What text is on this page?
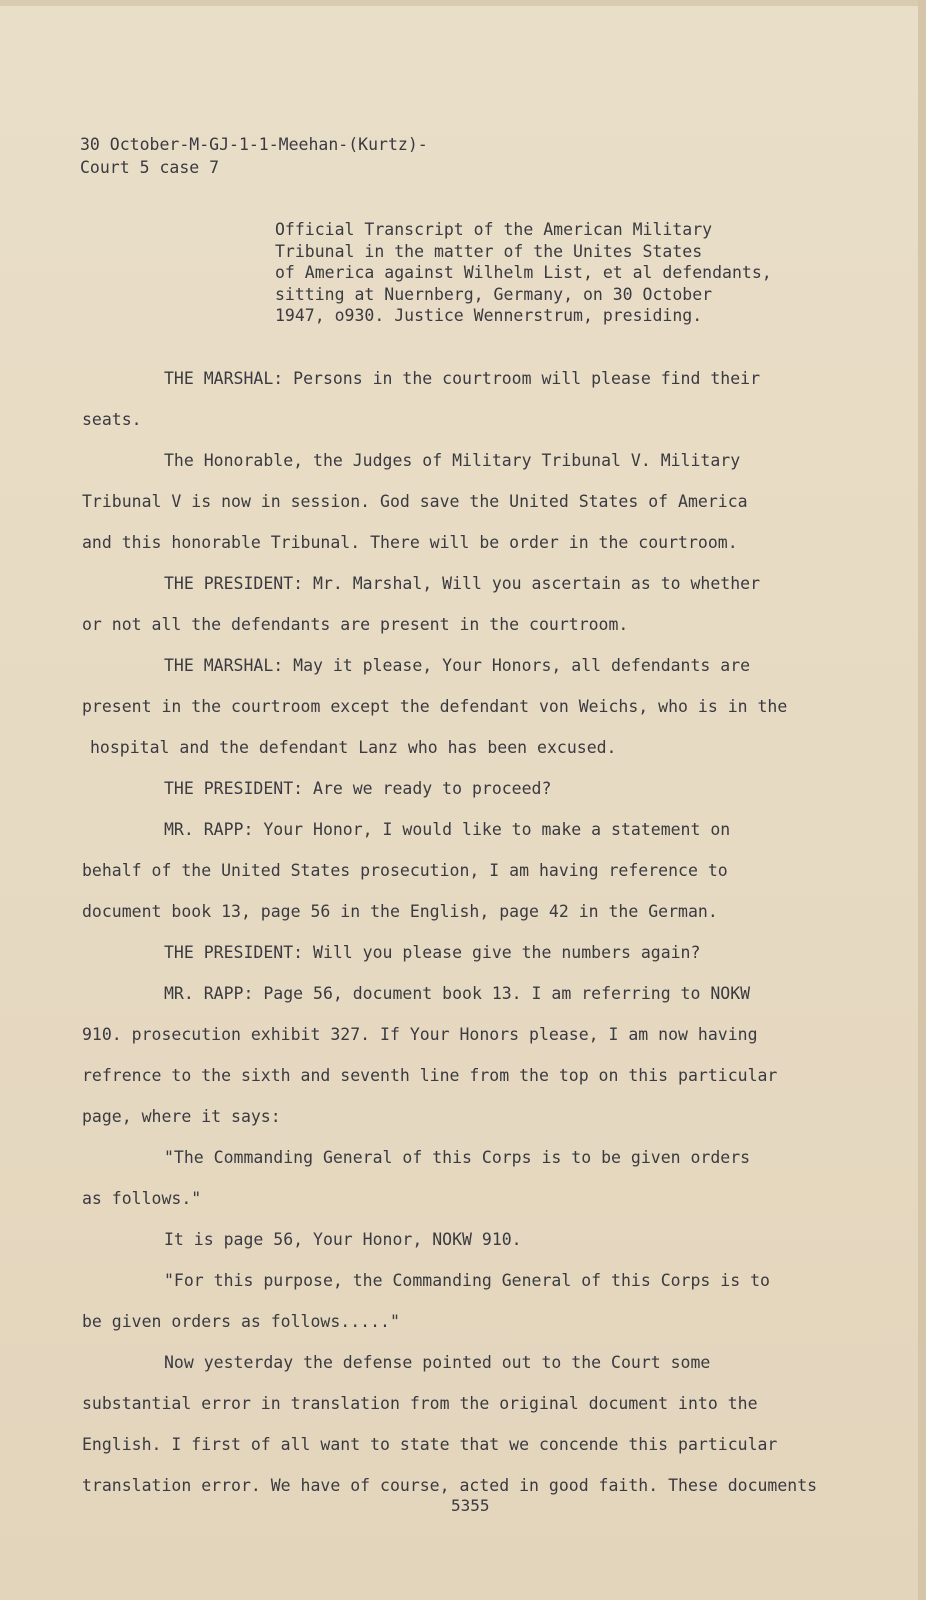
30 October-M-GJ-1-1-Meehan-(Kurtz)-
Court 5 case 7
Official Transcript of the American Military
Tribunal in the matter of the Unites States
of America against Wilhelm List, et al defendants,
sitting at Nuernberg, Germany, on 30 October
1947, o930. Justice Wennerstrum, presiding.

THE MARSHAL: Persons in the courtroom will please find their

seats.

The Honorable, the Judges of Military Tribunal V. Military

Tribunal V is now in session. God save the United States of America

and this honorable Tribunal. There will be order in the courtroom.

THE PRESIDENT: Mr. Marshal, Will you ascertain as to whether

or not all the defendants are present in the courtroom.

THE MARSHAL: May it please, Your Honors, all defendants are

present in the courtroom except the defendant von Weichs, who is in the

hospital and the defendant Lanz who has been excused.

THE PRESIDENT: Are we ready to proceed?

MR. RAPP: Your Honor, I would like to make a statement on

behalf of the United States prosecution, I am having reference to

document book 13, page 56 in the English, page 42 in the German.

THE PRESIDENT: Will you please give the numbers again?

MR. RAPP: Page 56, document book 13. I am referring to NOKW

910. prosecution exhibit 327. If Your Honors please, I am now having

refrence to the sixth and seventh line from the top on this particular

page, where it says:

"The Commanding General of this Corps is to be given orders

as follows."

It is page 56, Your Honor, NOKW 910.

"For this purpose, the Commanding General of this Corps is to

be given orders as follows....."

Now yesterday the defense pointed out to the Court some

substantial error in translation from the original document into the

English. I first of all want to state that we concende this particular

translation error. We have of course, acted in good faith. These documents

5355
